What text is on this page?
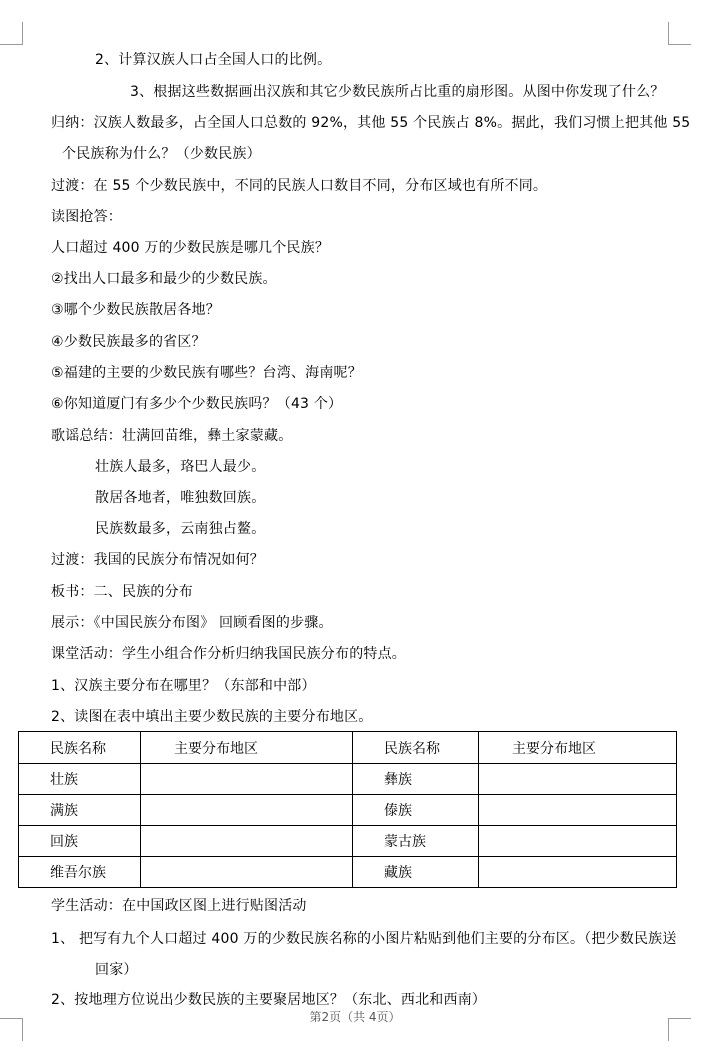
2、计算汉族人口占全国人口的比例。
3、根据这些数据画出汉族和其它少数民族所占比重的扇形图。从图中你发现了什么？
归纳：汉族人数最多，占全国人口总数的 92%，其他 55 个民族占 8%。据此，我们习惯上把其他 55
个民族称为什么？（少数民族）
过渡：在 55 个少数民族中，不同的民族人口数目不同，分布区域也有所不同。
读图抢答：
人口超过 400 万的少数民族是哪几个民族？
②找出人口最多和最少的少数民族。
③哪个少数民族散居各地？
④少数民族最多的省区？
⑤福建的主要的少数民族有哪些？台湾、海南呢？
⑥你知道厦门有多少个少数民族吗？（43 个）
歌谣总结：壮满回苗维，彝土家蒙藏。
壮族人最多，珞巴人最少。
散居各地者，唯独数回族。
民族数最多，云南独占鳌。
过渡：我国的民族分布情况如何？
板书：二、民族的分布
展示：《中国民族分布图》 回顾看图的步骤。
课堂活动：学生小组合作分析归纳我国民族分布的特点。
1、汉族主要分布在哪里？（东部和中部）
2、读图在表中填出主要少数民族的主要分布地区。
民族名称	主要分布地区	民族名称	主要分布地区
壮族		彝族	
满族		傣族	
回族		蒙古族	
维吾尔族		藏族	
学生活动：在中国政区图上进行贴图活动
1、 把写有九个人口超过 400 万的少数民族名称的小图片粘贴到他们主要的分布区。（把少数民族送
回家）
2、按地理方位说出少数民族的主要聚居地区？（东北、西北和西南）
第2页（共 4页）
